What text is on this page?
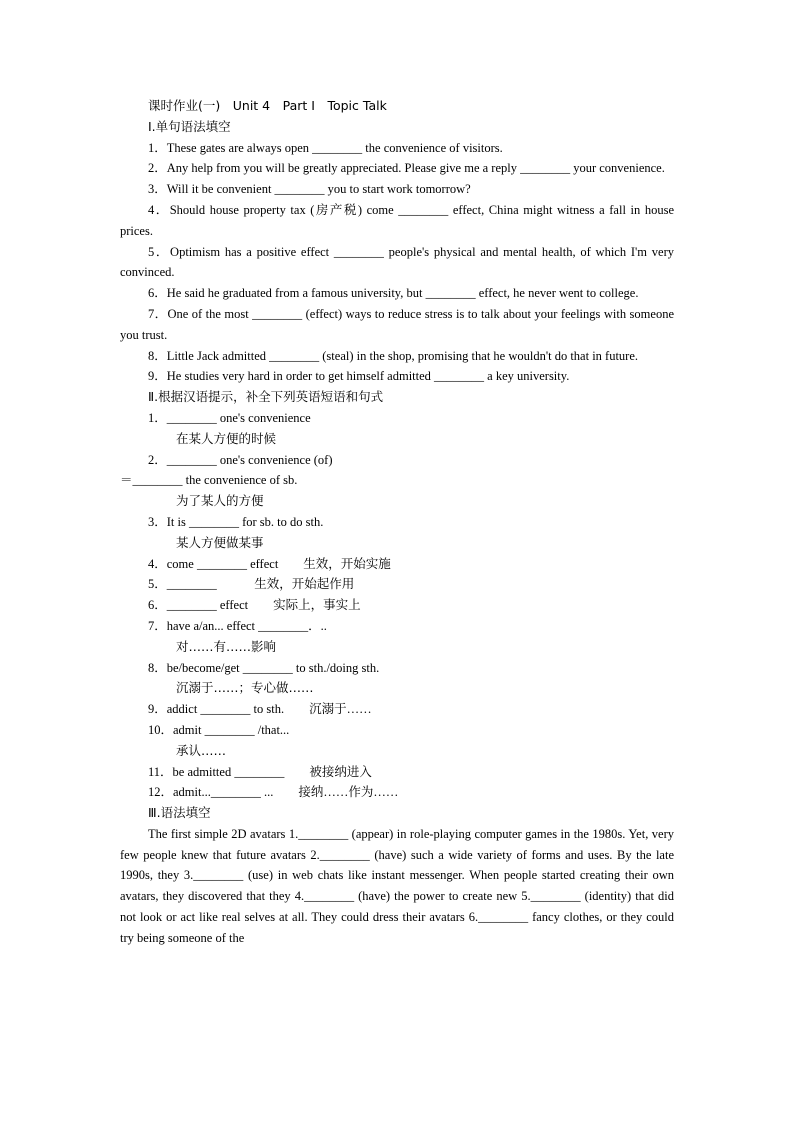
课时作业(一)　Unit 4　Part Ⅰ　Topic Talk

Ⅰ.单句语法填空

1．These gates are always open ________ the convenience of visitors.

2．Any help from you will be greatly appreciated. Please give me a reply ________ your convenience.

3．Will it be convenient ________ you to start work tomorrow?

4．Should house property tax (房产税) come ________ effect, China might witness a fall in house prices.

5．Optimism has a positive effect ________ people's physical and mental health, of which I'm very convinced.

6．He said he graduated from a famous university, but ________ effect, he never went to college.

7．One of the most ________ (effect) ways to reduce stress is to talk about your feelings with someone you trust.

8．Little Jack admitted ________ (steal) in the shop, promising that he wouldn't do that in future.

9．He studies very hard in order to get himself admitted ________ a key university.

Ⅱ.根据汉语提示，补全下列英语短语和句式

1．________ one's convenience

在某人方便的时候

2．________ one's convenience (of)

＝________ the convenience of sb.

为了某人的方便

3．It is ________ for sb. to do sth.

某人方便做某事

4．come ________ effect　　生效，开始实施

5．________　　　生效，开始起作用

6．________ effect　　实际上，事实上

7．have a/an... effect ________．..

对……有……影响

8．be/become/get ________ to sth./doing sth.

沉溺于……；专心做……

9．addict ________ to sth.　　沉溺于……

10．admit ________ /that...

承认……

11．be admitted ________　　被接纳进入

12．admit...________ ...　　接纳……作为……

Ⅲ.语法填空

The first simple 2D avatars 1.________ (appear) in role-playing computer games in the 1980s. Yet, very few people knew that future avatars 2.________ (have) such a wide variety of forms and uses. By the late 1990s, they 3.________ (use) in web chats like instant messenger. When people started creating their own avatars, they discovered that they 4.________ (have) the power to create new 5.________ (identity) that did not look or act like real selves at all. They could dress their avatars 6.________ fancy clothes, or they could try being someone of the
